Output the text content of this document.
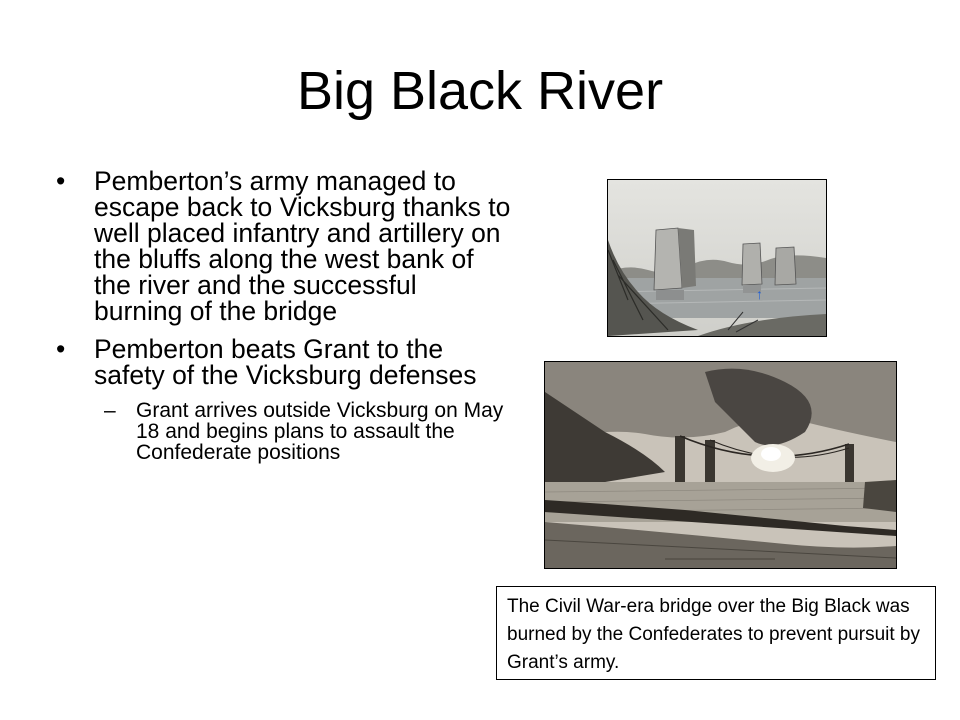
Big Black River

• Pemberton’s army managed to escape back to Vicksburg thanks to well placed infantry and artillery on the bluffs along the west bank of the river and the successful burning of the bridge

• Pemberton beats Grant to the safety of the Vicksburg defenses

– Grant arrives outside Vicksburg on May 18 and begins plans to assault the Confederate positions

↑
The Civil War-era bridge over the Big Black was burned by the Confederates to prevent pursuit by Grant’s army.
